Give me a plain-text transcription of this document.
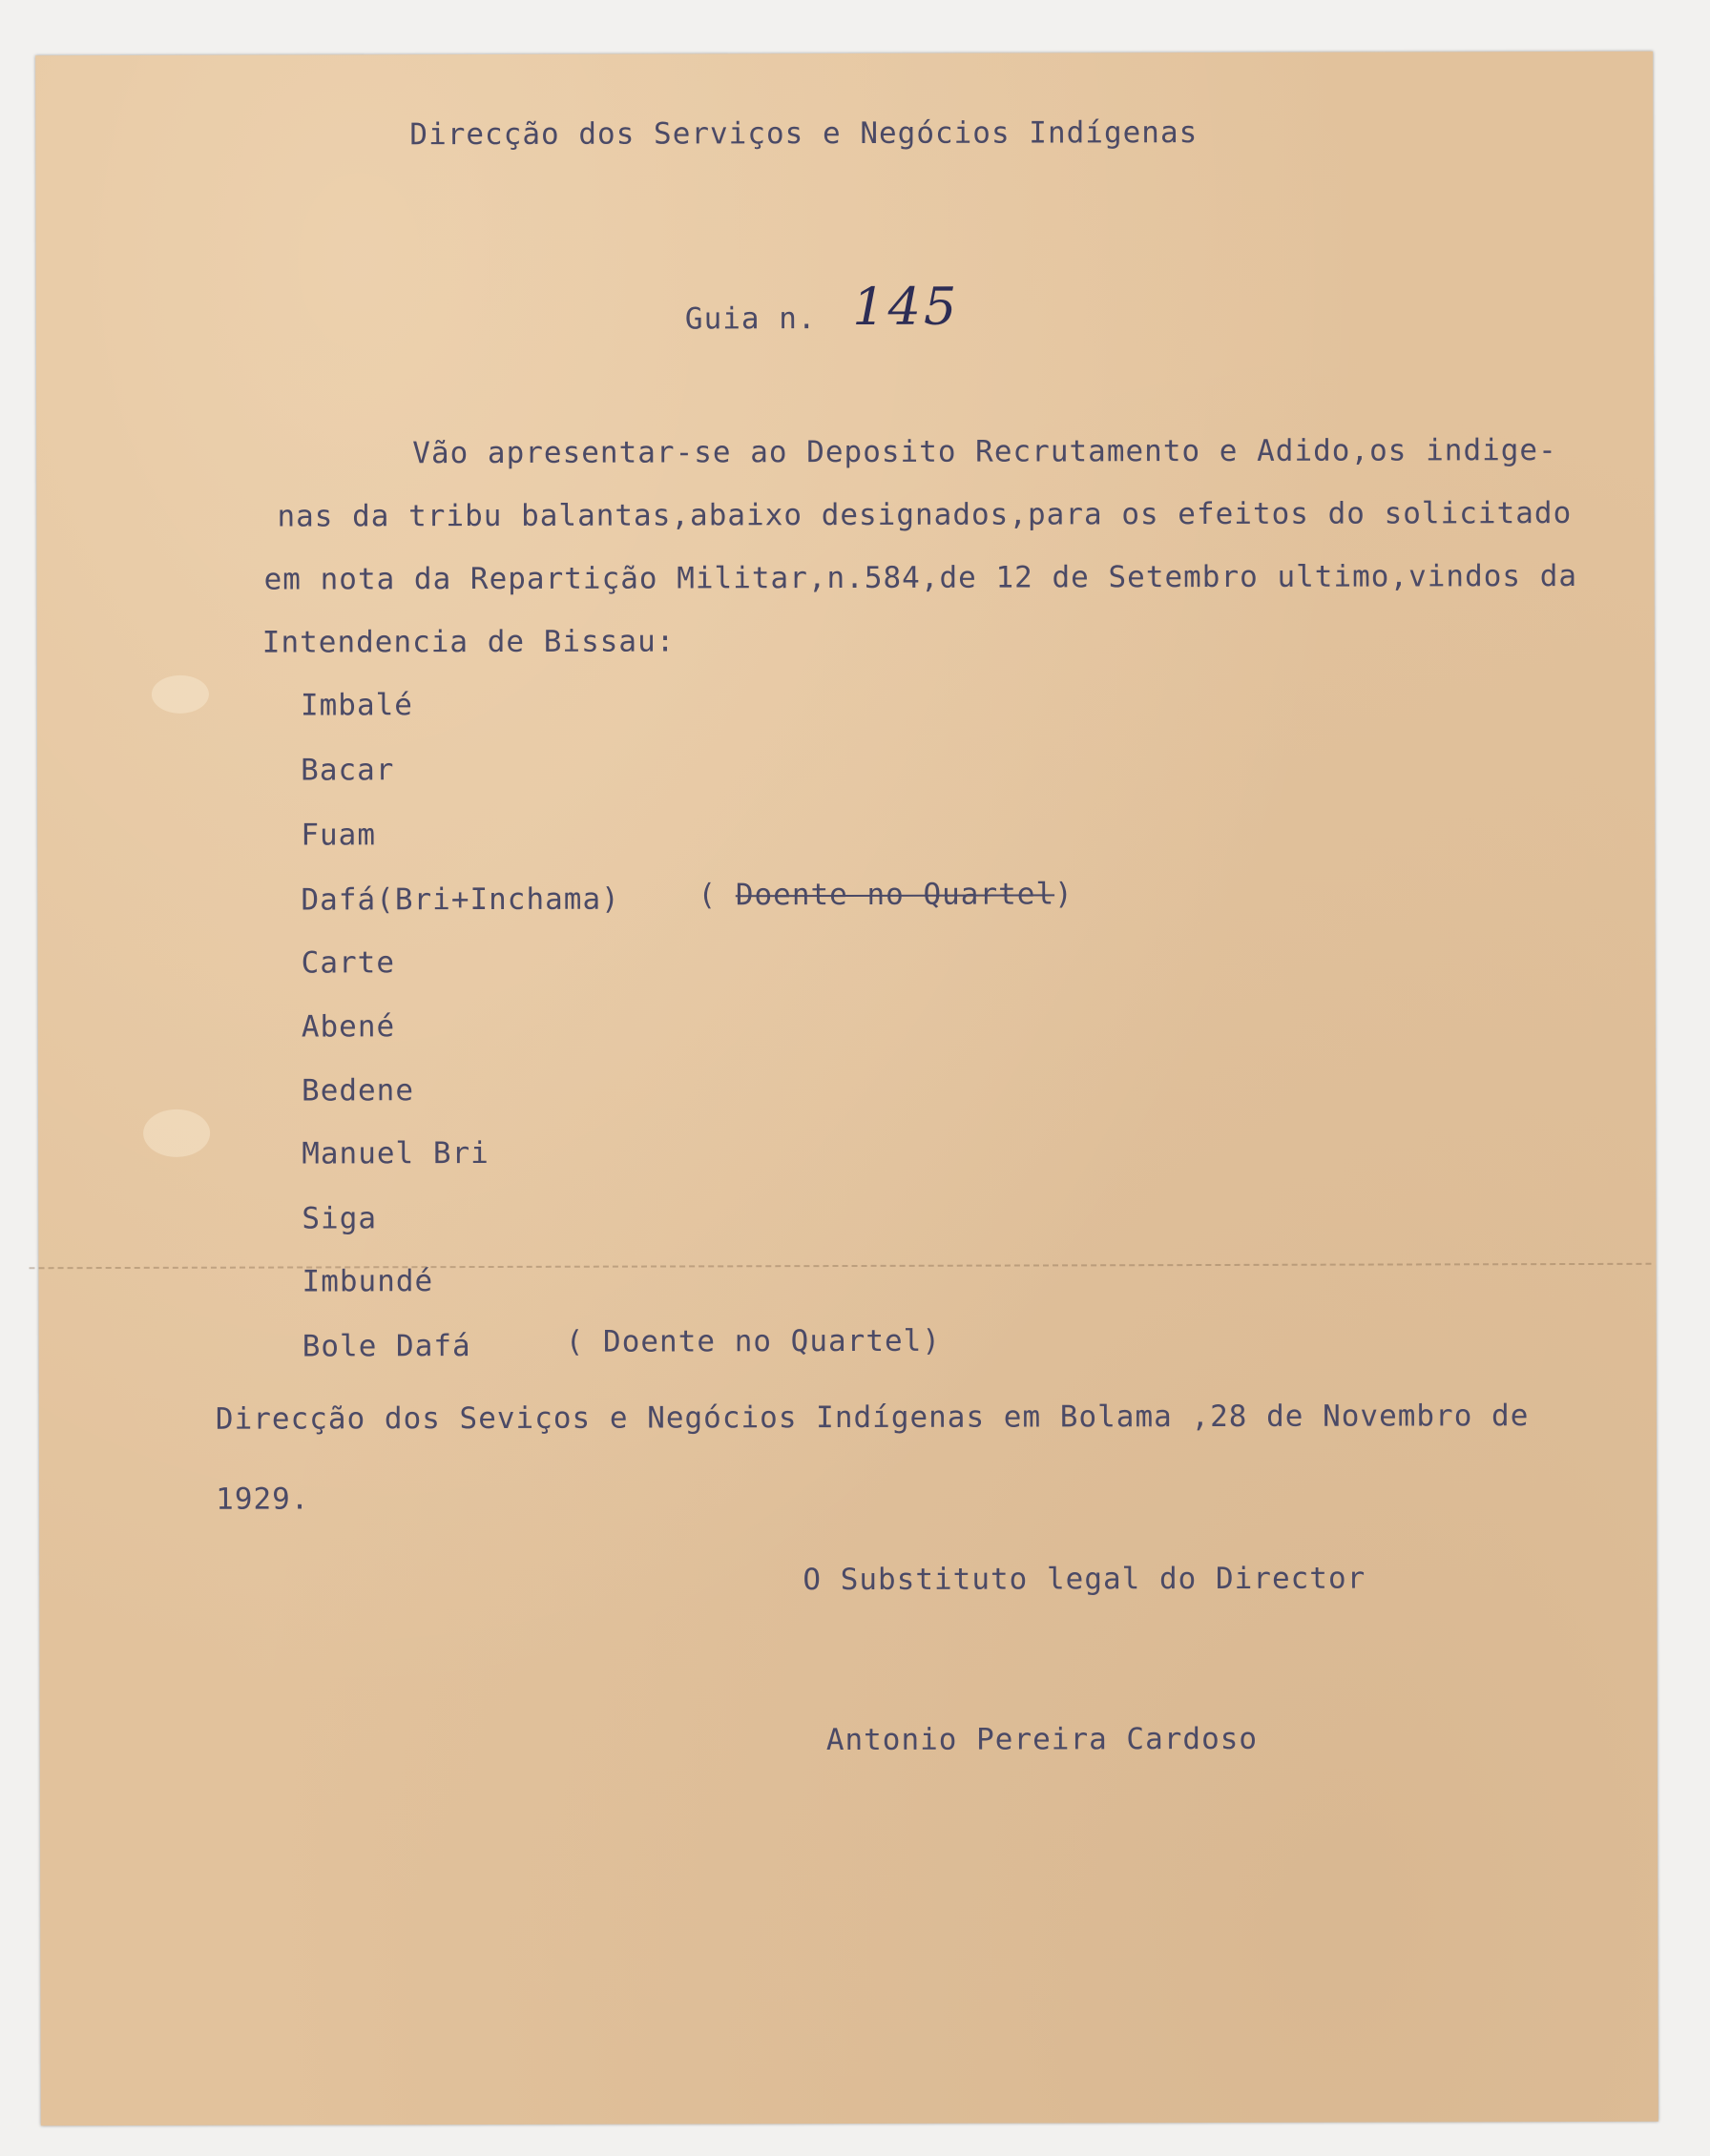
Direcção dos Serviços e Negócios Indígenas
Guia n. 145
Vão apresentar-se ao Deposito Recrutamento e Adido,os indige-
nas da tribu balantas,abaixo designados,para os efeitos do solicitado
em nota da Repartição Militar,n.584,de 12 de Setembro ultimo,vindos da
Intendencia de Bissau:
Imbalé
Bacar
Fuam
Dafá(Bri+Inchama)	( Doente no Quartel)
Carte
Abené
Bedene
Manuel Bri
Siga
Imbundé
Bole Dafá	( Doente no Quartel)
Direcção dos Seviços e Negócios Indígenas em Bolama ,28 de Novembro de
1929.
O Substituto legal do Director
Antonio Pereira Cardoso
